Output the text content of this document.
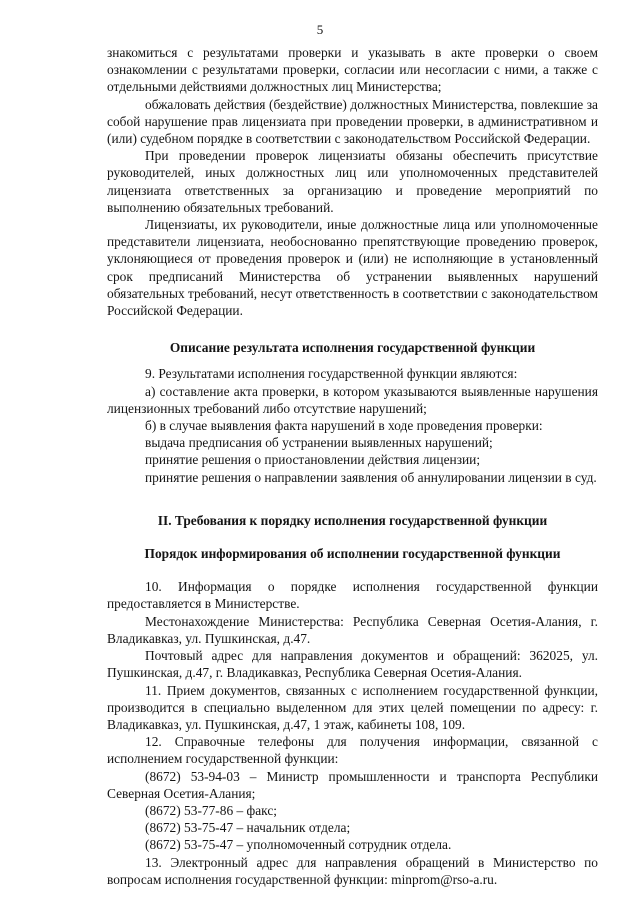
5

знакомиться с результатами проверки и указывать в акте проверки о своем ознакомлении с результатами проверки, согласии или несогласии с ними, а также с отдельными действиями должностных лиц Министерства;

обжаловать действия (бездействие) должностных Министерства, повлекшие за собой нарушение прав лицензиата при проведении проверки, в административном и (или) судебном порядке в соответствии с законодательством Российской Федерации.

При проведении проверок лицензиаты обязаны обеспечить присутствие руководителей, иных должностных лиц или уполномоченных представителей лицензиата ответственных за организацию и проведение мероприятий по выполнению обязательных требований.

Лицензиаты, их руководители, иные должностные лица или уполномоченные представители лицензиата, необоснованно препятствующие проведению проверок, уклоняющиеся от проведения проверок и (или) не исполняющие в установленный срок предписаний Министерства об устранении выявленных нарушений обязательных требований, несут ответственность в соответствии с законодательством Российской Федерации.

Описание результата исполнения государственной функции

9. Результатами исполнения государственной функции являются:

а) составление акта проверки, в котором указываются выявленные нарушения лицензионных требований либо отсутствие нарушений;

б) в случае выявления факта нарушений в ходе проведения проверки:

выдача предписания об устранении выявленных нарушений;

принятие решения о приостановлении действия лицензии;

принятие решения о направлении заявления об аннулировании лицензии в суд.

II. Требования к порядку исполнения государственной функции
Порядок информирования об исполнении государственной функции

10. Информация о порядке исполнения государственной функции предоставляется в Министерстве.

Местонахождение Министерства: Республика Северная Осетия-Алания, г. Владикавказ, ул. Пушкинская, д.47.

Почтовый адрес для направления документов и обращений: 362025, ул. Пушкинская, д.47, г. Владикавказ, Республика Северная Осетия-Алания.

11. Прием документов, связанных с исполнением государственной функции, производится в специально выделенном для этих целей помещении по адресу: г. Владикавказ, ул. Пушкинская, д.47, 1 этаж, кабинеты 108, 109.

12. Справочные телефоны для получения информации, связанной с исполнением государственной функции:

(8672) 53-94-03 – Министр промышленности и транспорта Республики Северная Осетия-Алания;

(8672) 53-77-86 – факс;

(8672) 53-75-47 – начальник отдела;

(8672) 53-75-47 – уполномоченный сотрудник отдела.

13. Электронный адрес для направления обращений в Министерство по вопросам исполнения государственной функции: minprom@rso-a.ru.
